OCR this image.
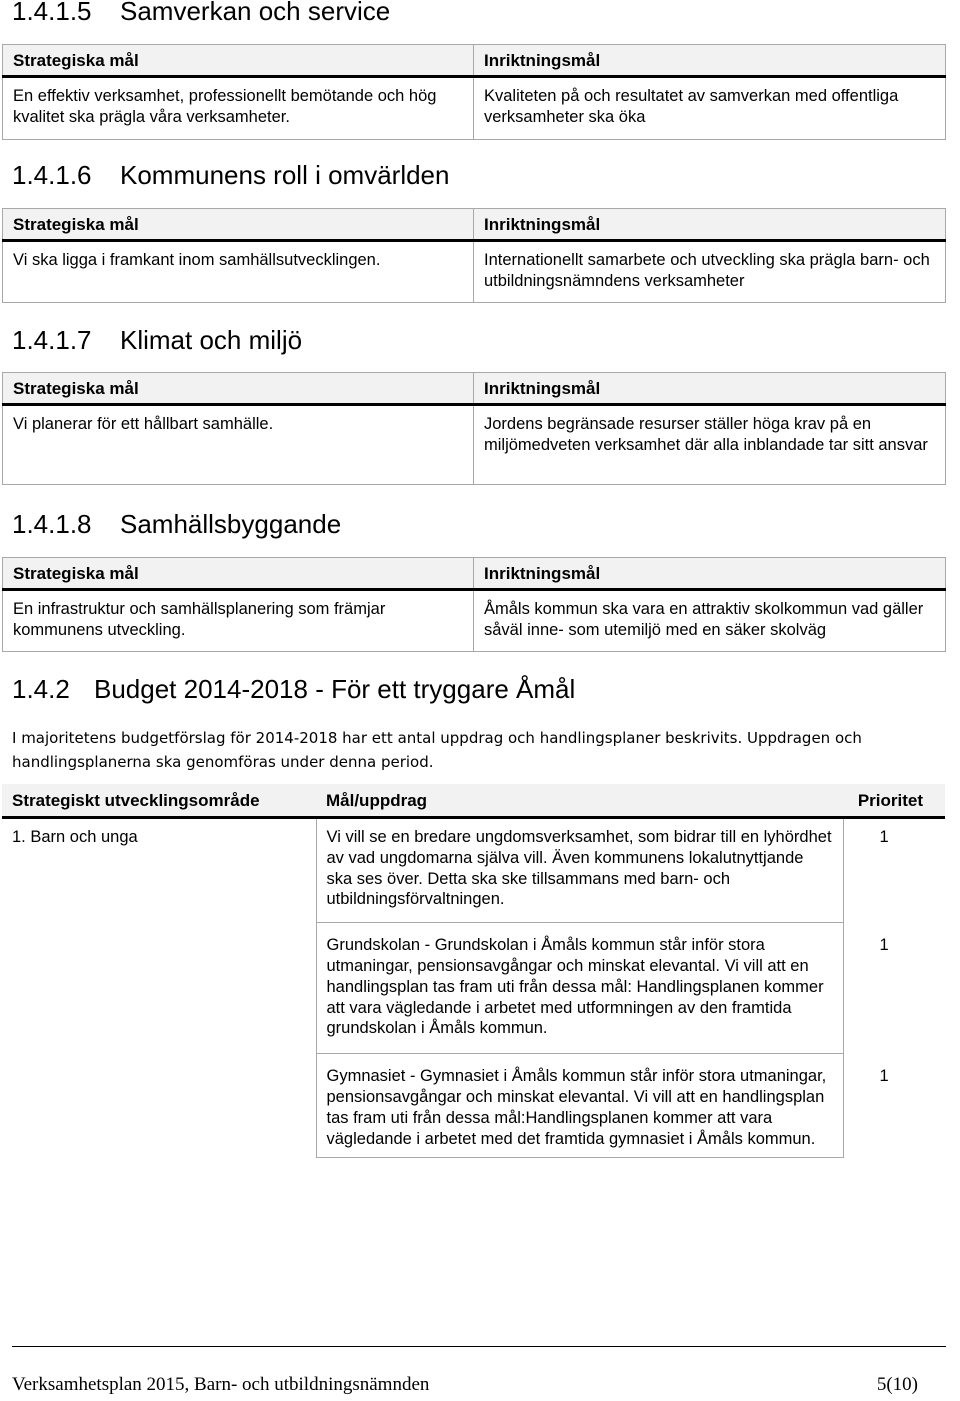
1.4.1.5 Samverkan och service
Strategiska mål	Inriktningsmål
En effektiv verksamhet, professionellt bemötande och hög kvalitet ska prägla våra verksamheter.	Kvaliteten på och resultatet av samverkan med offentliga verksamheter ska öka
1.4.1.6 Kommunens roll i omvärlden
Strategiska mål	Inriktningsmål
Vi ska ligga i framkant inom samhällsutvecklingen.	Internationellt samarbete och utveckling ska prägla barn- och utbildningsnämndens verksamheter
1.4.1.7 Klimat och miljö
Strategiska mål	Inriktningsmål
Vi planerar för ett hållbart samhälle.	Jordens begränsade resurser ställer höga krav på en miljömedveten verksamhet där alla inblandade tar sitt ansvar
1.4.1.8 Samhällsbyggande
Strategiska mål	Inriktningsmål
En infrastruktur och samhällsplanering som främjar kommunens utveckling.	Åmåls kommun ska vara en attraktiv skolkommun vad gäller såväl inne- som utemiljö med en säker skolväg
1.4.2 Budget 2014-2018 - För ett tryggare Åmål

I majoritetens budgetförslag för 2014-2018 har ett antal uppdrag och handlingsplaner beskrivits. Uppdragen och handlingsplanerna ska genomföras under denna period.

Strategiskt utvecklingsområde	Mål/uppdrag	Prioritet
1. Barn och unga	Vi vill se en bredare ungdomsverksamhet, som bidrar till en lyhördhet av vad ungdomarna själva vill. Även kommunens lokalutnyttjande ska ses över. Detta ska ske tillsammans med barn- och utbildningsförvaltningen.	1
	Grundskolan - Grundskolan i Åmåls kommun står inför stora utmaningar, pensionsavgångar och minskat elevantal. Vi vill att en handlingsplan tas fram uti från dessa mål: Handlingsplanen kommer att vara vägledande i arbetet med utformningen av den framtida grundskolan i Åmåls kommun.	1
	Gymnasiet - Gymnasiet i Åmåls kommun står inför stora utmaningar, pensionsavgångar och minskat elevantal. Vi vill att en handlingsplan tas fram uti från dessa mål:Handlingsplanen kommer att vara vägledande i arbetet med det framtida gymnasiet i Åmåls kommun.	1
Verksamhetsplan 2015, Barn- och utbildningsnämnden	5(10)
